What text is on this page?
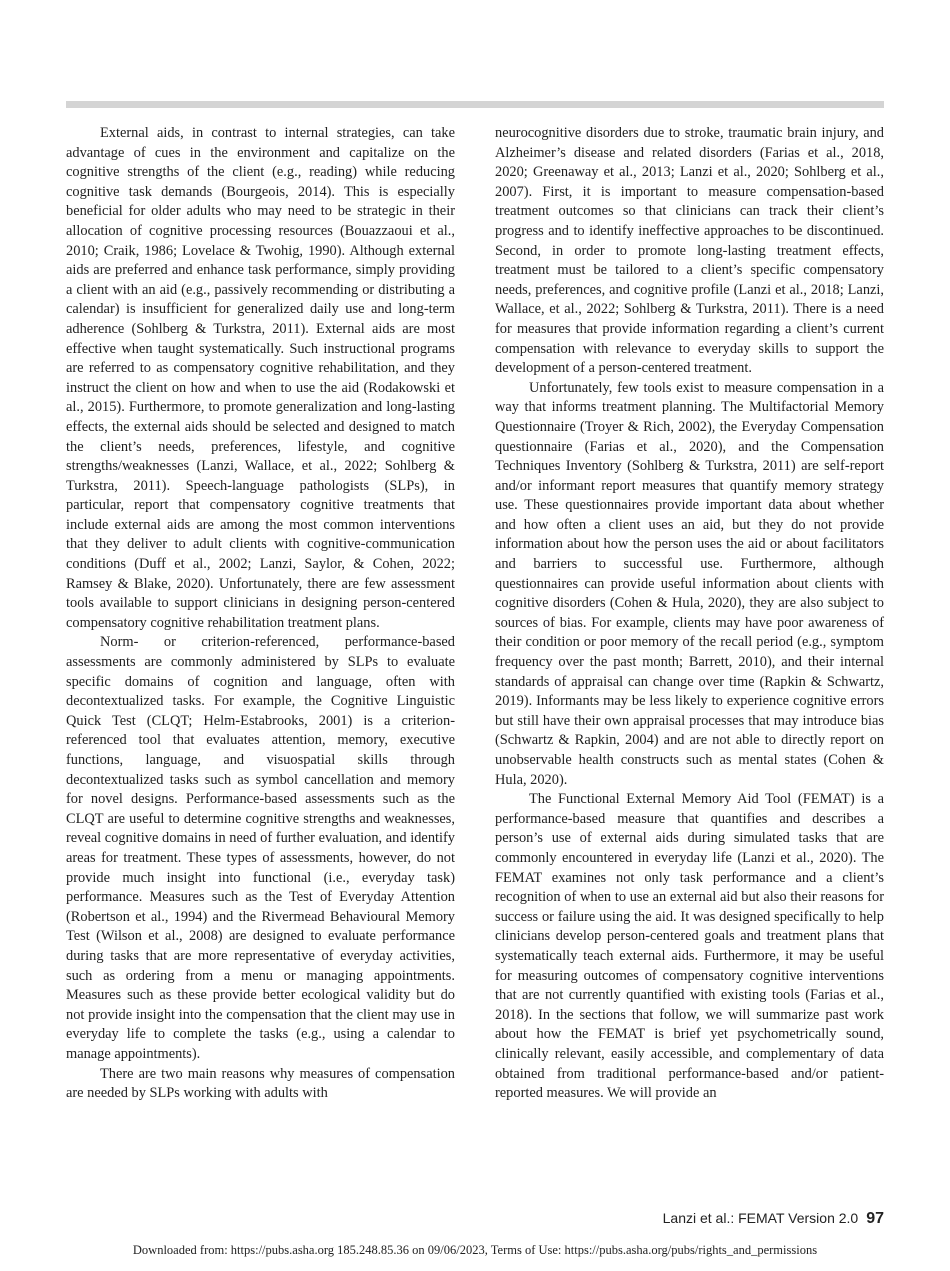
External aids, in contrast to internal strategies, can take advantage of cues in the environment and capitalize on the cognitive strengths of the client (e.g., reading) while reducing cognitive task demands (Bourgeois, 2014). This is especially beneficial for older adults who may need to be strategic in their allocation of cognitive processing resources (Bouazzaoui et al., 2010; Craik, 1986; Lovelace & Twohig, 1990). Although external aids are preferred and enhance task performance, simply providing a client with an aid (e.g., passively recommending or distributing a calendar) is insufficient for generalized daily use and long-term adherence (Sohlberg & Turkstra, 2011). External aids are most effective when taught systematically. Such instructional programs are referred to as compensatory cognitive rehabilitation, and they instruct the client on how and when to use the aid (Rodakowski et al., 2015). Furthermore, to promote generalization and long-lasting effects, the external aids should be selected and designed to match the client’s needs, preferences, lifestyle, and cognitive strengths/weaknesses (Lanzi, Wallace, et al., 2022; Sohlberg & Turkstra, 2011). Speech-language pathologists (SLPs), in particular, report that compensatory cognitive treatments that include external aids are among the most common interventions that they deliver to adult clients with cognitive-communication conditions (Duff et al., 2002; Lanzi, Saylor, & Cohen, 2022; Ramsey & Blake, 2020). Unfortunately, there are few assessment tools available to support clinicians in designing person-centered compensatory cognitive rehabilitation treatment plans.

Norm- or criterion-referenced, performance-based assessments are commonly administered by SLPs to evaluate specific domains of cognition and language, often with decontextualized tasks. For example, the Cognitive Linguistic Quick Test (CLQT; Helm-Estabrooks, 2001) is a criterion-referenced tool that evaluates attention, memory, executive functions, language, and visuospatial skills through decontextualized tasks such as symbol cancellation and memory for novel designs. Performance-based assessments such as the CLQT are useful to determine cognitive strengths and weaknesses, reveal cognitive domains in need of further evaluation, and identify areas for treatment. These types of assessments, however, do not provide much insight into functional (i.e., everyday task) performance. Measures such as the Test of Everyday Attention (Robertson et al., 1994) and the Rivermead Behavioural Memory Test (Wilson et al., 2008) are designed to evaluate performance during tasks that are more representative of everyday activities, such as ordering from a menu or managing appointments. Measures such as these provide better ecological validity but do not provide insight into the compensation that the client may use in everyday life to complete the tasks (e.g., using a calendar to manage appointments).

There are two main reasons why measures of compensation are needed by SLPs working with adults with

neurocognitive disorders due to stroke, traumatic brain injury, and Alzheimer’s disease and related disorders (Farias et al., 2018, 2020; Greenaway et al., 2013; Lanzi et al., 2020; Sohlberg et al., 2007). First, it is important to measure compensation-based treatment outcomes so that clinicians can track their client’s progress and to identify ineffective approaches to be discontinued. Second, in order to promote long-lasting treatment effects, treatment must be tailored to a client’s specific compensatory needs, preferences, and cognitive profile (Lanzi et al., 2018; Lanzi, Wallace, et al., 2022; Sohlberg & Turkstra, 2011). There is a need for measures that provide information regarding a client’s current compensation with relevance to everyday skills to support the development of a person-centered treatment.

Unfortunately, few tools exist to measure compensation in a way that informs treatment planning. The Multifactorial Memory Questionnaire (Troyer & Rich, 2002), the Everyday Compensation questionnaire (Farias et al., 2020), and the Compensation Techniques Inventory (Sohlberg & Turkstra, 2011) are self-report and/or informant report measures that quantify memory strategy use. These questionnaires provide important data about whether and how often a client uses an aid, but they do not provide information about how the person uses the aid or about facilitators and barriers to successful use. Furthermore, although questionnaires can provide useful information about clients with cognitive disorders (Cohen & Hula, 2020), they are also subject to sources of bias. For example, clients may have poor awareness of their condition or poor memory of the recall period (e.g., symptom frequency over the past month; Barrett, 2010), and their internal standards of appraisal can change over time (Rapkin & Schwartz, 2019). Informants may be less likely to experience cognitive errors but still have their own appraisal processes that may introduce bias (Schwartz & Rapkin, 2004) and are not able to directly report on unobservable health constructs such as mental states (Cohen & Hula, 2020).

The Functional External Memory Aid Tool (FEMAT) is a performance-based measure that quantifies and describes a person’s use of external aids during simulated tasks that are commonly encountered in everyday life (Lanzi et al., 2020). The FEMAT examines not only task performance and a client’s recognition of when to use an external aid but also their reasons for success or failure using the aid. It was designed specifically to help clinicians develop person-centered goals and treatment plans that systematically teach external aids. Furthermore, it may be useful for measuring outcomes of compensatory cognitive interventions that are not currently quantified with existing tools (Farias et al., 2018). In the sections that follow, we will summarize past work about how the FEMAT is brief yet psychometrically sound, clinically relevant, easily accessible, and complementary of data obtained from traditional performance-based and/or patient-reported measures. We will provide an

Lanzi et al.: FEMAT Version 2.0 97
Downloaded from: https://pubs.asha.org 185.248.85.36 on 09/06/2023, Terms of Use: https://pubs.asha.org/pubs/rights_and_permissions
